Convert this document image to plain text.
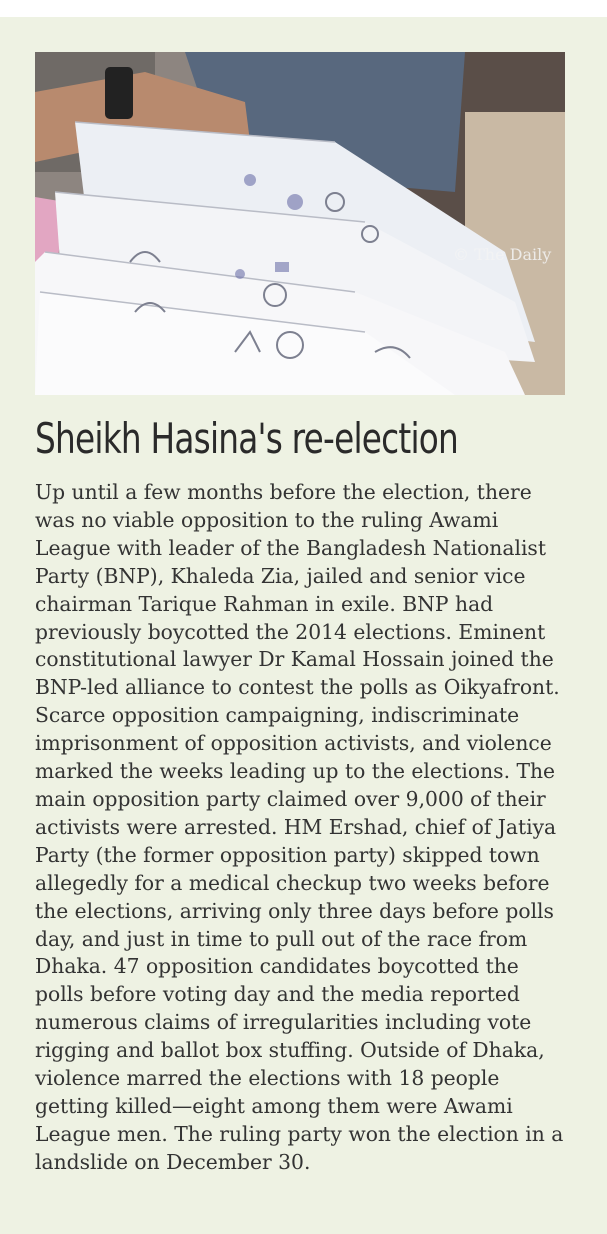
© The Daily
Sheikh Hasina's re-election

Up until a few months before the election, there was no viable opposition to the ruling Awami League with leader of the Bangladesh Nationalist Party (BNP), Khaleda Zia, jailed and senior vice chairman Tarique Rahman in exile. BNP had previously boycotted the 2014 elections. Eminent constitutional lawyer Dr Kamal Hossain joined the BNP-led alliance to contest the polls as Oikyafront. Scarce opposition campaigning, indiscriminate imprisonment of opposition activists, and violence marked the weeks leading up to the elections. The main opposition party claimed over 9,000 of their activists were arrested. HM Ershad, chief of Jatiya Party (the former opposition party) skipped town allegedly for a medical checkup two weeks before the elections, arriving only three days before polls day, and just in time to pull out of the race from Dhaka. 47 opposition candidates boycotted the polls before voting day and the media reported numerous claims of irregularities including vote rigging and ballot box stuffing. Outside of Dhaka, violence marred the elections with 18 people getting killed—eight among them were Awami League men. The ruling party won the election in a landslide on December 30.
